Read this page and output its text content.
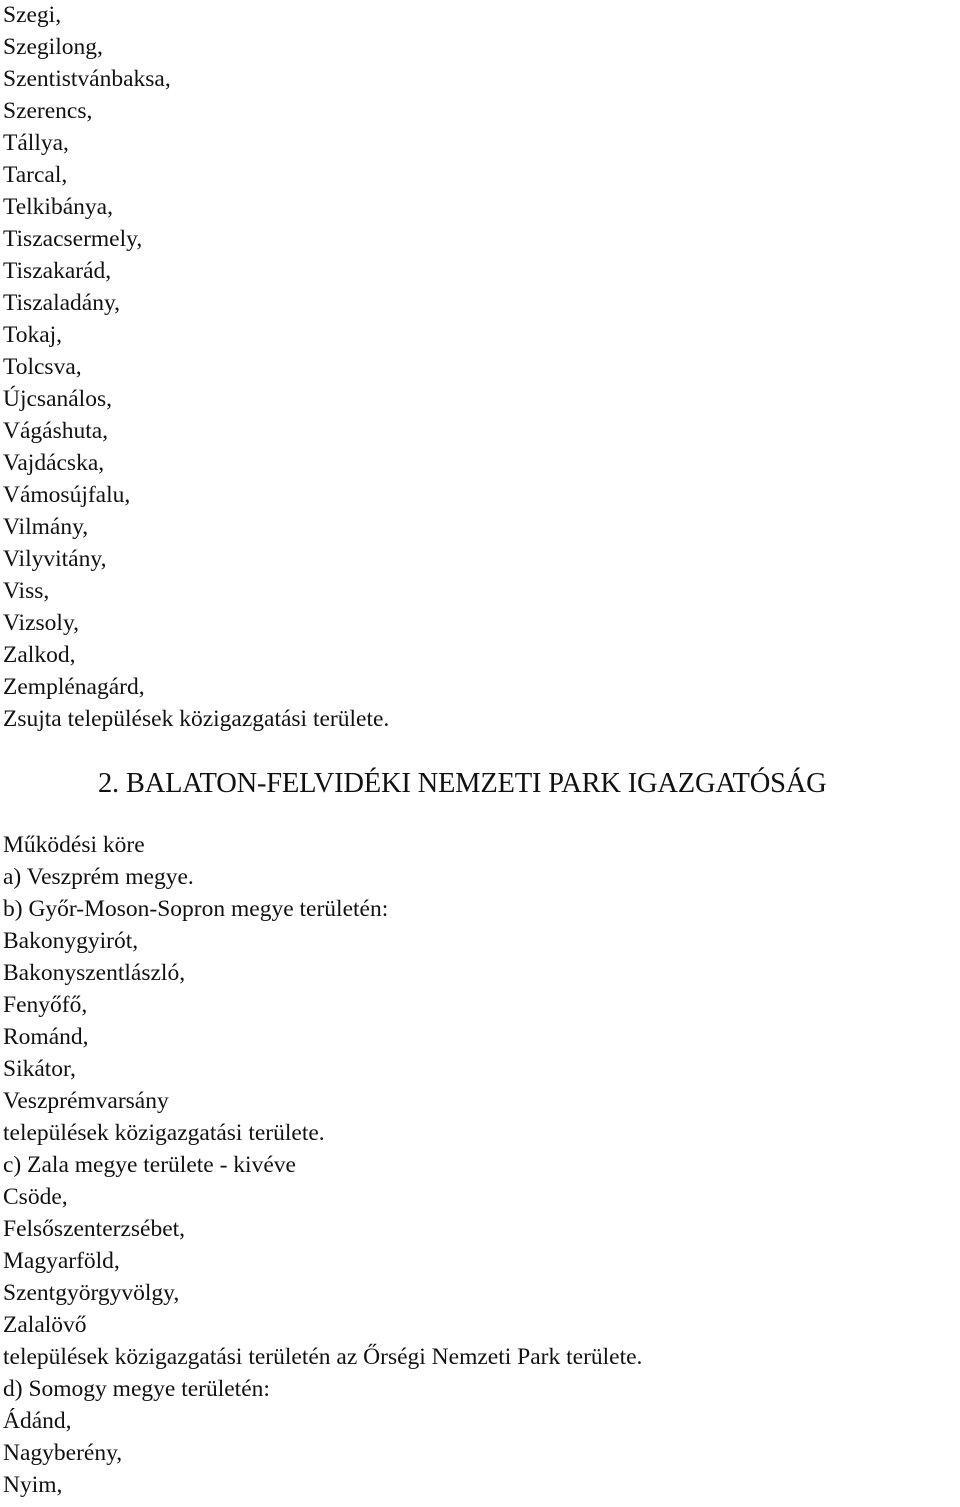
Szegi,
Szegilong,
Szentistvánbaksa,
Szerencs,
Tállya,
Tarcal,
Telkibánya,
Tiszacsermely,
Tiszakarád,
Tiszaladány,
Tokaj,
Tolcsva,
Újcsanálos,
Vágáshuta,
Vajdácska,
Vámosújfalu,
Vilmány,
Vilyvitány,
Viss,
Vizsoly,
Zalkod,
Zemplénagárd,
Zsujta települések közigazgatási területe.
2. BALATON-FELVIDÉKI NEMZETI PARK IGAZGATÓSÁG
Működési köre
a) Veszprém megye.
b) Győr-Moson-Sopron megye területén:
Bakonygyirót,
Bakonyszentlászló,
Fenyőfő,
Románd,
Sikátor,
Veszprémvarsány
települések közigazgatási területe.
c) Zala megye területe - kivéve
Csöde,
Felsőszenterzsébet,
Magyarföld,
Szentgyörgyvölgy,
Zalalövő
települések közigazgatási területén az Őrségi Nemzeti Park területe.
d) Somogy megye területén:
Ádánd,
Nagyberény,
Nyim,
